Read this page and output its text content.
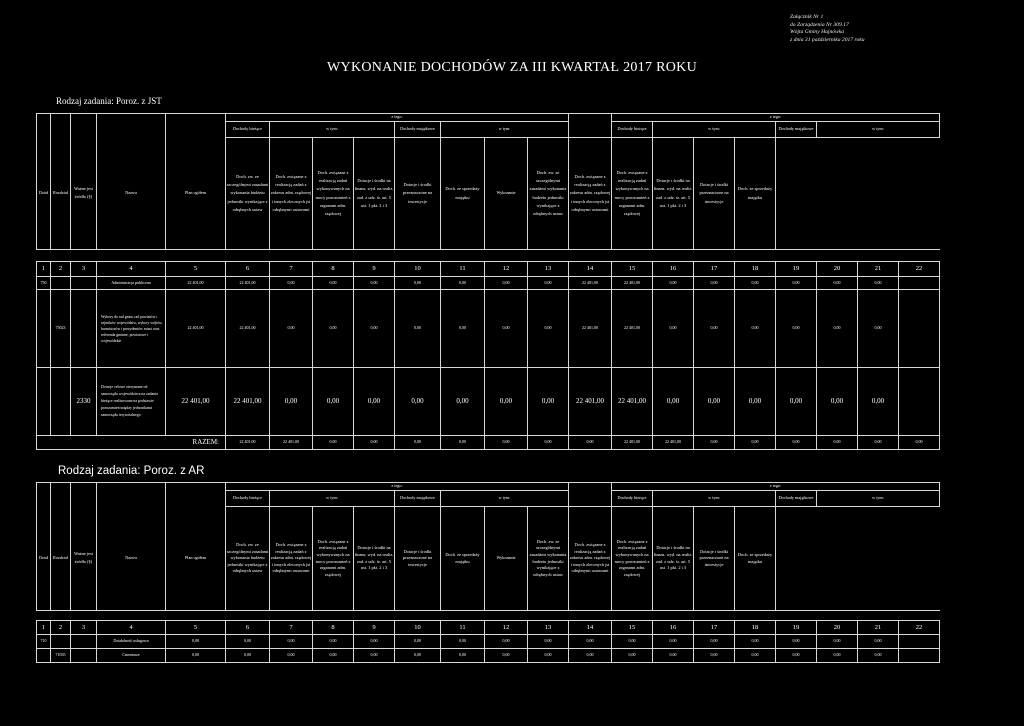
Załącznik Nr 1
do Zarządzenia Nr 309.17
Wójta Gminy Hajnówka
z dnia 31 października 2017 roku
WYKONANIE DOCHODÓW ZA III KWARTAŁ 2017 ROKU
Rodzaj zadania: Poroz. z JST
					z tego:									z tego:							
					Dochody bieżące	w tym:			Dochody majątkowe	w tym:				Dochody bieżące	w tym:			Dochody majątkowe	w tym:		
Dział	Rozdział	Ważne jest źródło (§)	Nazwa	Plan ogółem	Doch. zw. ze szczególnymi zasadami wykonania budżetu jednostki wynikające z odrębnych ustaw	Doch. związane z realizacją zadań z zakresu adm. rządowej i innych zleconych jst odrębnymi ustawami	Doch. związane z realizacją zadań wykonywanych na mocy porozumień z organami adm. rządowej	Dotacje i środki na finans. wyd. na realiz. zad. z udz. śr. art. 5 ust. 1 pkt. 2 i 3	Dotacje i środki przeznaczone na inwestycje	Doch. ze sprzedaży majątku	Wykonanie	Doch. zw. ze szczególnymi zasadami wykonania budżetu jednostki wynikające z odrębnych ustaw	Doch. związane z realizacją zadań z zakresu adm. rządowej i innych zleconych jst odrębnymi ustawami	Doch. związane z realizacją zadań wykonywanych na mocy porozumień z organami adm. rządowej	Dotacje i środki na finans. wyd. na realiz. zad. z udz. śr. art. 5 ust. 1 pkt. 2 i 3	Dotacje i środki przeznaczone na inwestycje	Doch. ze sprzedaży majątku				

1	2	3	4	5	6	7	8	9	10	11	12	13	14	15	16	17	18	19	20	21	22
750			Administracja publiczna	22 401,00	22 401,00	0,00	0,00	0,00	0,00	0,00	0,00	0,00	22 401,00	22 401,00	0,00	0,00	0,00	0,00	0,00	0,00	
	75023		Wybory do rad gmin, rad powiatów i sejmików województw, wybory wójtów, burmistrzów i prezydentów miast oraz referenda gminne, powiatowe i wojewódzkie	22 401,00	22 401,00	0,00	0,00	0,00	0,00	0,00	0,00	0,00	22 401,00	22 401,00	0,00	0,00	0,00	0,00	0,00	0,00	
		2330	Dotacje celowe otrzymane od samorządu województwa na zadania bieżące realizowane na podstawie porozumień między jednostkami samorządu terytorialnego	22 401,00	22 401,00	0,00	0,00	0,00	0,00	0,00	0,00	0,00	22 401,00	22 401,00	0,00	0,00	0,00	0,00	0,00	0,00	
RAZEM:					22 401,00	22 401,00	0,00	0,00	0,00	0,00	0,00	0,00	0,00	22 401,00	22 401,00	0,00	0,00	0,00	0,00	0,00	0,00
Rodzaj zadania: Poroz. z AR
					z tego:									z tego:							
					Dochody bieżące	w tym:			Dochody majątkowe	w tym:				Dochody bieżące	w tym:			Dochody majątkowe	w tym:		
Dział	Rozdział	Ważne jest źródło (§)	Nazwa	Plan ogółem	Doch. zw. ze szczególnymi zasadami wykonania budżetu jednostki wynikające z odrębnych ustaw	Doch. związane z realizacją zadań z zakresu adm. rządowej i innych zleconych jst odrębnymi ustawami	Doch. związane z realizacją zadań wykonywanych na mocy porozumień z organami adm. rządowej	Dotacje i środki na finans. wyd. na realiz. zad. z udz. śr. art. 5 ust. 1 pkt. 2 i 3	Dotacje i środki przeznaczone na inwestycje	Doch. ze sprzedaży majątku	Wykonanie	Doch. zw. ze szczególnymi zasadami wykonania budżetu jednostki wynikające z odrębnych ustaw	Doch. związane z realizacją zadań z zakresu adm. rządowej i innych zleconych jst odrębnymi ustawami	Doch. związane z realizacją zadań wykonywanych na mocy porozumień z organami adm. rządowej	Dotacje i środki na finans. wyd. na realiz. zad. z udz. śr. art. 5 ust. 1 pkt. 2 i 3	Dotacje i środki przeznaczone na inwestycje	Doch. ze sprzedaży majątku				

1	2	3	4	5	6	7	8	9	10	11	12	13	14	15	16	17	18	19	20	21	22
710			Działalność usługowa	0,00	0,00	0,00	0,00	0,00	0,00	0,00	0,00	0,00	0,00	0,00	0,00	0,00	0,00	0,00	0,00	0,00	
	71035		Cmentarze	0,00	0,00	0,00	0,00	0,00	0,00	0,00	0,00	0,00	0,00	0,00	0,00	0,00	0,00	0,00	0,00	0,00	
